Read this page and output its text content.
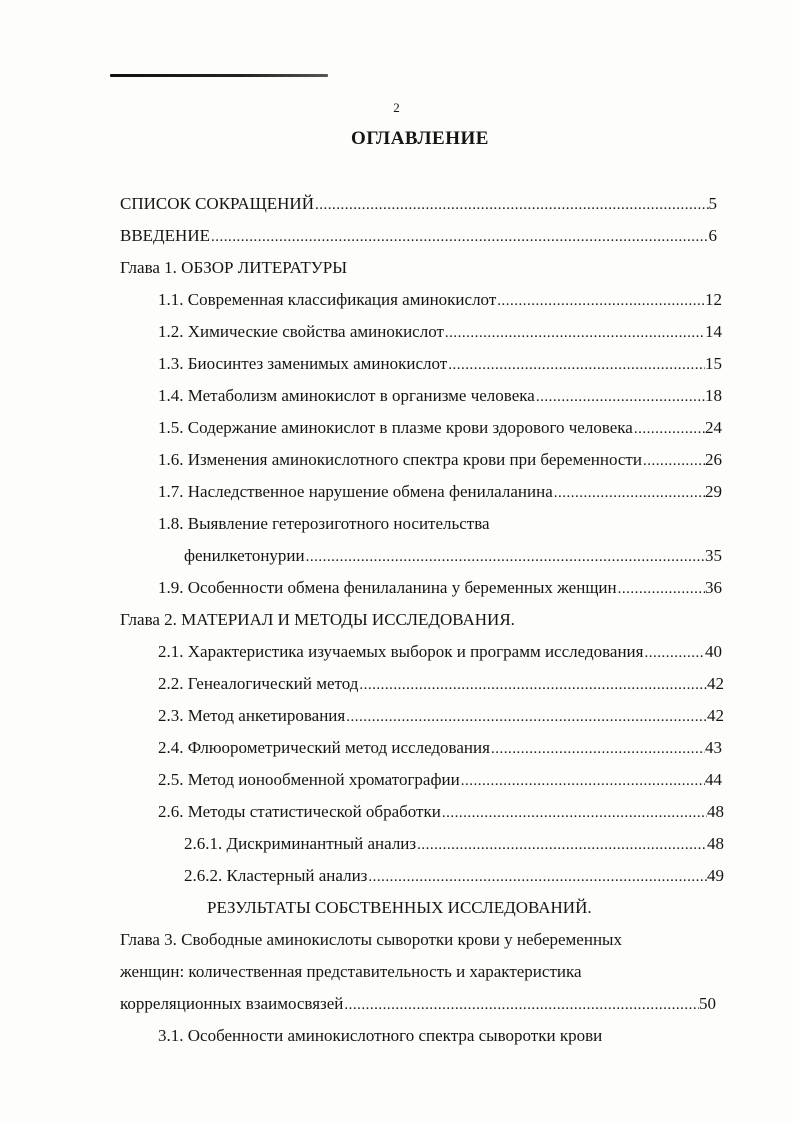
2
ОГЛАВЛЕНИЕ
СПИСОК СОКРАЩЕНИЙ .....	5
ВВЕДЕНИЕ .....	6
Глава 1. ОБЗОР ЛИТЕРАТУРЫ
1.1. Современная классификация аминокислот .....	12
1.2. Химические свойства аминокислот .....	14
1.3. Биосинтез заменимых аминокислот .....	15
1.4. Метаболизм аминокислот в организме человека .....	18
1.5. Содержание аминокислот в плазме крови здорового человека .....	24
1.6. Изменения аминокислотного спектра крови при беременности .....	26
1.7. Наследственное нарушение обмена фенилаланина .....	29
1.8. Выявление гетерозиготного носительства
фенилкетонурии .....	35
1.9. Особенности обмена фенилаланина у беременных женщин .....	36
Глава 2. МАТЕРИАЛ И МЕТОДЫ ИССЛЕДОВАНИЯ.
2.1. Характеристика изучаемых выборок и программ исследования .....	40
2.2. Генеалогический метод .....	42
2.3. Метод анкетирования .....	42
2.4. Флюорометрический метод исследования .....	43
2.5. Метод ионообменной хроматографии .....	44
2.6. Методы статистической обработки .....	48
2.6.1. Дискриминантный анализ .....	48
2.6.2. Кластерный анализ .....	49
РЕЗУЛЬТАТЫ СОБСТВЕННЫХ ИССЛЕДОВАНИЙ.
Глава 3. Свободные аминокислоты сыворотки крови у небеременных
женщин: количественная представительность и характеристика
корреляционных взаимосвязей .....	50
3.1. Особенности аминокислотного спектра сыворотки крови
